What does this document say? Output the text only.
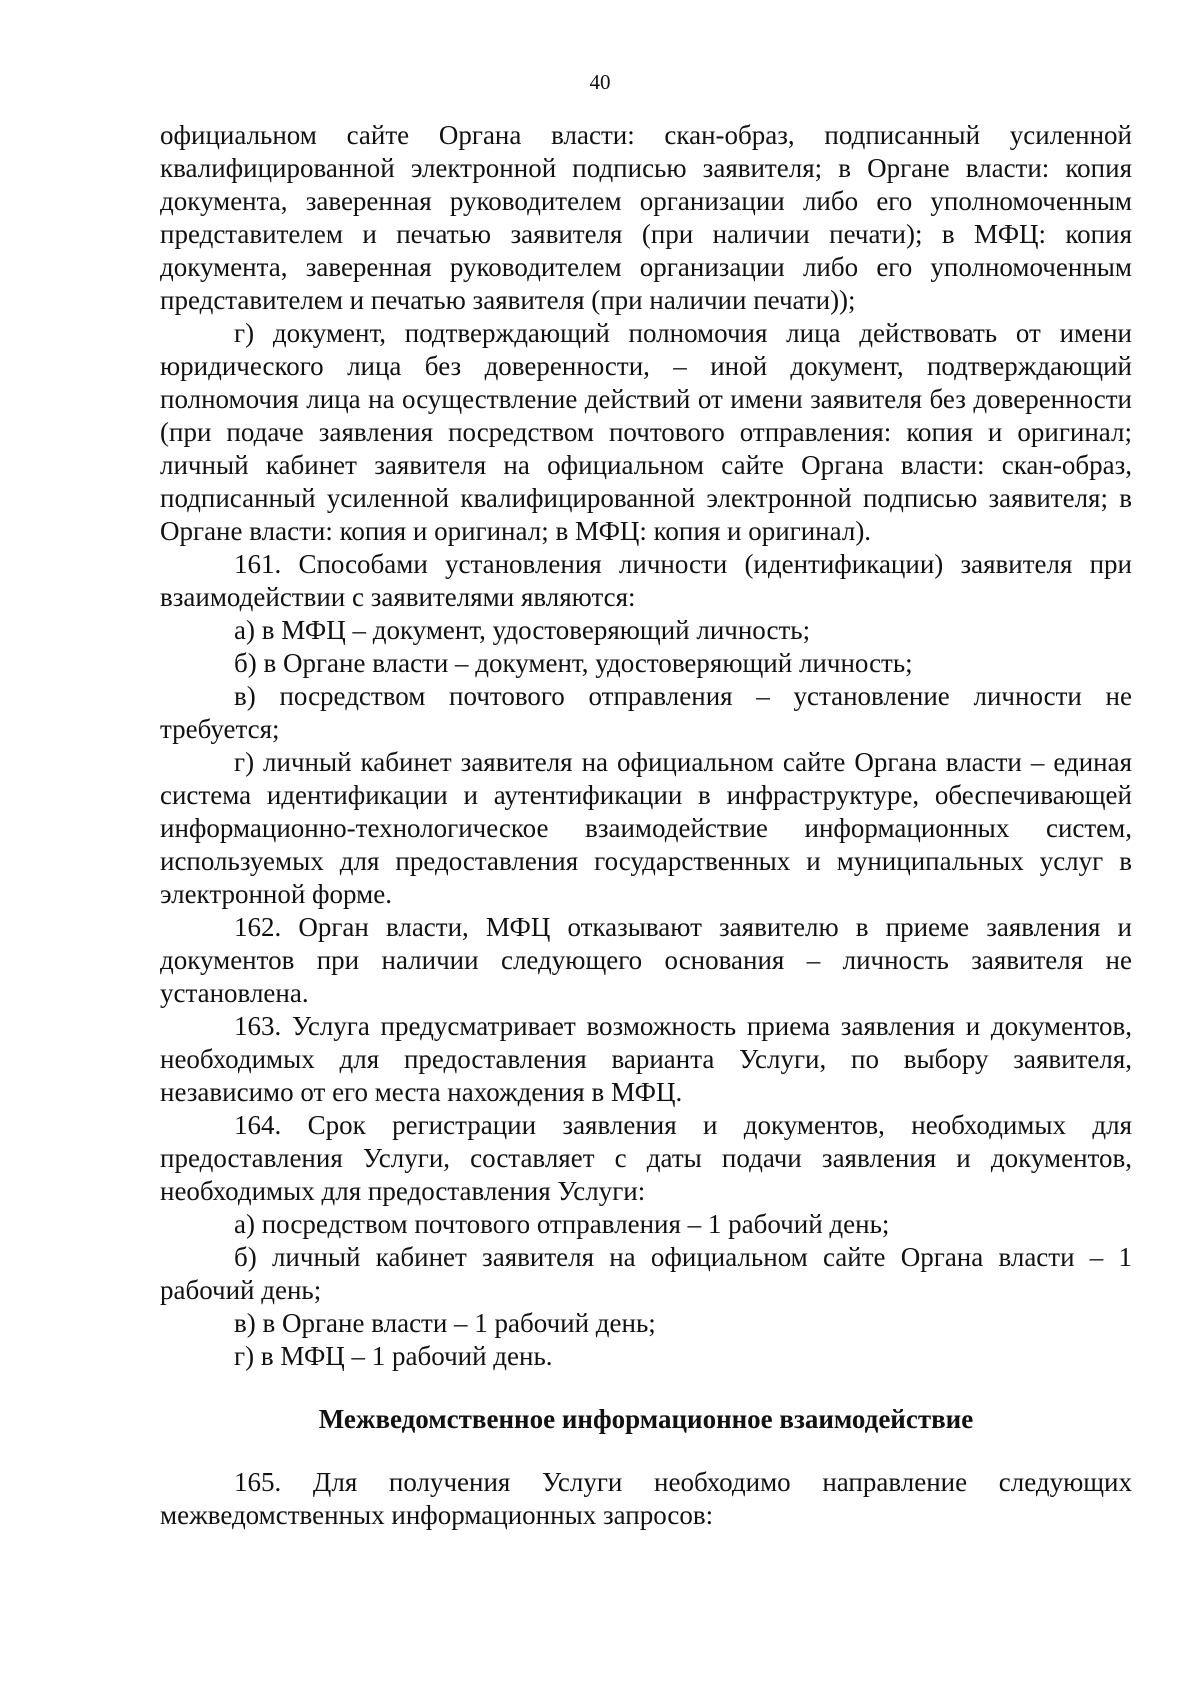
40

официальном сайте Органа власти: скан-образ, подписанный усиленной квалифицированной электронной подписью заявителя; в Органе власти: копия документа, заверенная руководителем организации либо его уполномоченным представителем и печатью заявителя (при наличии печати); в МФЦ: копия документа, заверенная руководителем организации либо его уполномоченным представителем и печатью заявителя (при наличии печати));

г) документ, подтверждающий полномочия лица действовать от имени юридического лица без доверенности, – иной документ, подтверждающий полномочия лица на осуществление действий от имени заявителя без доверенности (при подаче заявления посредством почтового отправления: копия и оригинал; личный кабинет заявителя на официальном сайте Органа власти: скан-образ, подписанный усиленной квалифицированной электронной подписью заявителя; в Органе власти: копия и оригинал; в МФЦ: копия и оригинал).

161. Способами установления личности (идентификации) заявителя при взаимодействии с заявителями являются:

а) в МФЦ – документ, удостоверяющий личность;

б) в Органе власти – документ, удостоверяющий личность;

в) посредством почтового отправления – установление личности не требуется;

г) личный кабинет заявителя на официальном сайте Органа власти – единая система идентификации и аутентификации в инфраструктуре, обеспечивающей информационно-технологическое взаимодействие информационных систем, используемых для предоставления государственных и муниципальных услуг в электронной форме.

162. Орган власти, МФЦ отказывают заявителю в приеме заявления и документов при наличии следующего основания – личность заявителя не установлена.

163. Услуга предусматривает возможность приема заявления и документов, необходимых для предоставления варианта Услуги, по выбору заявителя, независимо от его места нахождения в МФЦ.

164. Срок регистрации заявления и документов, необходимых для предоставления Услуги, составляет с даты подачи заявления и документов, необходимых для предоставления Услуги:

а) посредством почтового отправления – 1 рабочий день;

б) личный кабинет заявителя на официальном сайте Органа власти – 1 рабочий день;

в) в Органе власти – 1 рабочий день;

г) в МФЦ – 1 рабочий день.

Межведомственное информационное взаимодействие

165. Для получения Услуги необходимо направление следующих межведомственных информационных запросов:
